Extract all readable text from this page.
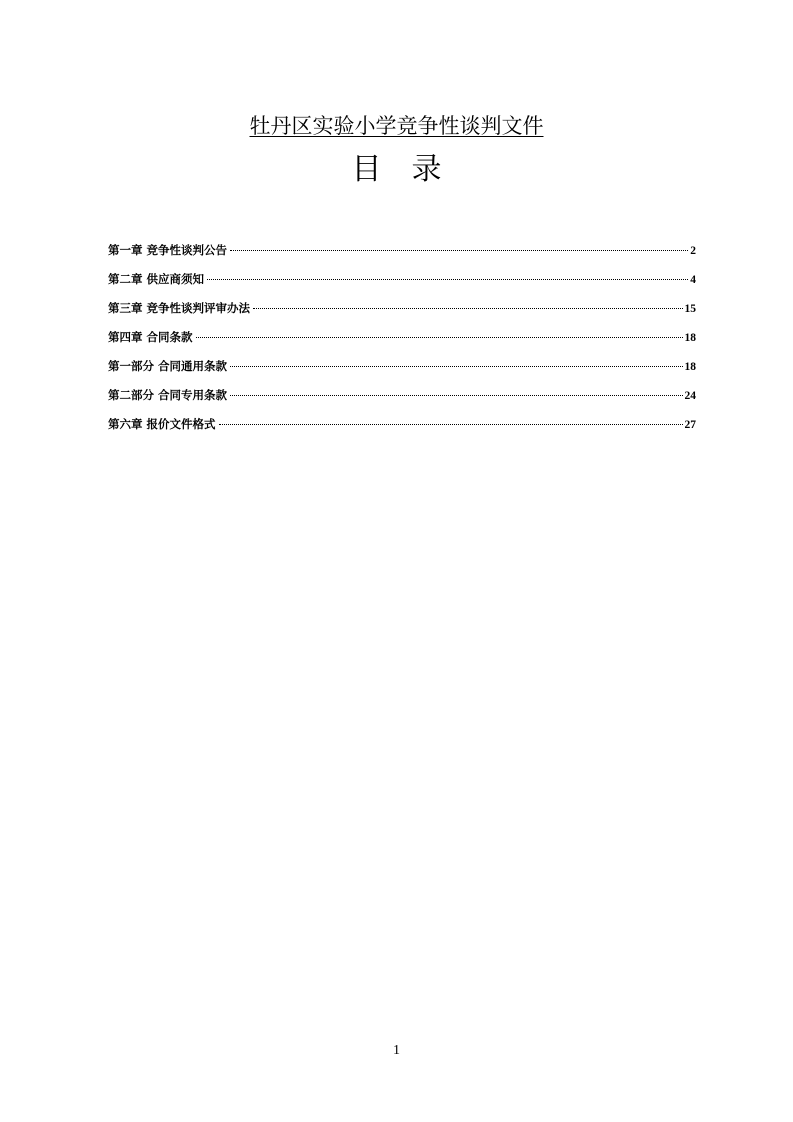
牡丹区实验小学竞争性谈判文件
目 录
第一章 竞争性谈判公告	2
第二章 供应商须知	4
第三章 竞争性谈判评审办法	15
第四章 合同条款	18
第一部分 合同通用条款	18
第二部分 合同专用条款	24
第六章 报价文件格式	27
1
